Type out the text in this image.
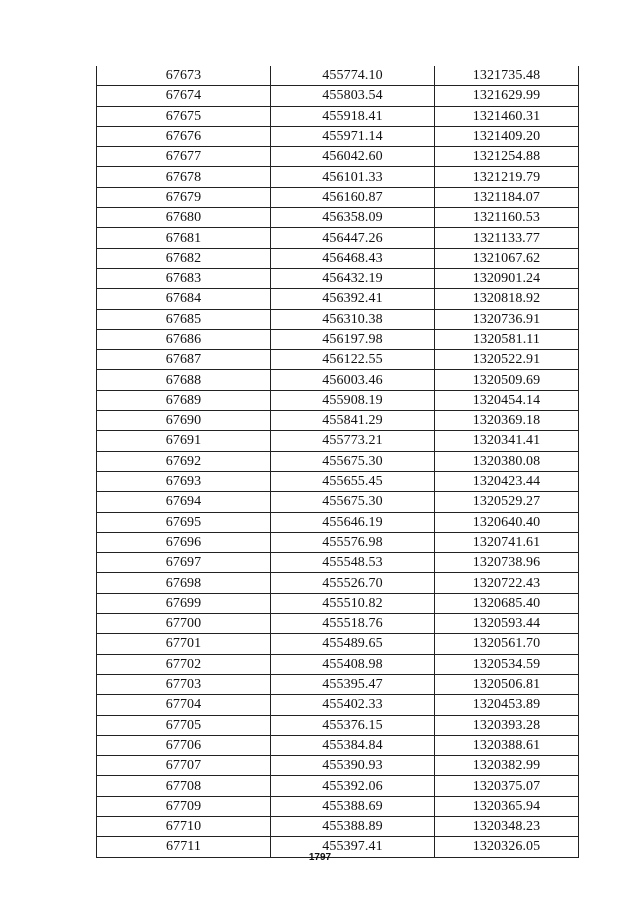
67673	455774.10	1321735.48
67674	455803.54	1321629.99
67675	455918.41	1321460.31
67676	455971.14	1321409.20
67677	456042.60	1321254.88
67678	456101.33	1321219.79
67679	456160.87	1321184.07
67680	456358.09	1321160.53
67681	456447.26	1321133.77
67682	456468.43	1321067.62
67683	456432.19	1320901.24
67684	456392.41	1320818.92
67685	456310.38	1320736.91
67686	456197.98	1320581.11
67687	456122.55	1320522.91
67688	456003.46	1320509.69
67689	455908.19	1320454.14
67690	455841.29	1320369.18
67691	455773.21	1320341.41
67692	455675.30	1320380.08
67693	455655.45	1320423.44
67694	455675.30	1320529.27
67695	455646.19	1320640.40
67696	455576.98	1320741.61
67697	455548.53	1320738.96
67698	455526.70	1320722.43
67699	455510.82	1320685.40
67700	455518.76	1320593.44
67701	455489.65	1320561.70
67702	455408.98	1320534.59
67703	455395.47	1320506.81
67704	455402.33	1320453.89
67705	455376.15	1320393.28
67706	455384.84	1320388.61
67707	455390.93	1320382.99
67708	455392.06	1320375.07
67709	455388.69	1320365.94
67710	455388.89	1320348.23
67711	455397.41	1320326.05
1797
